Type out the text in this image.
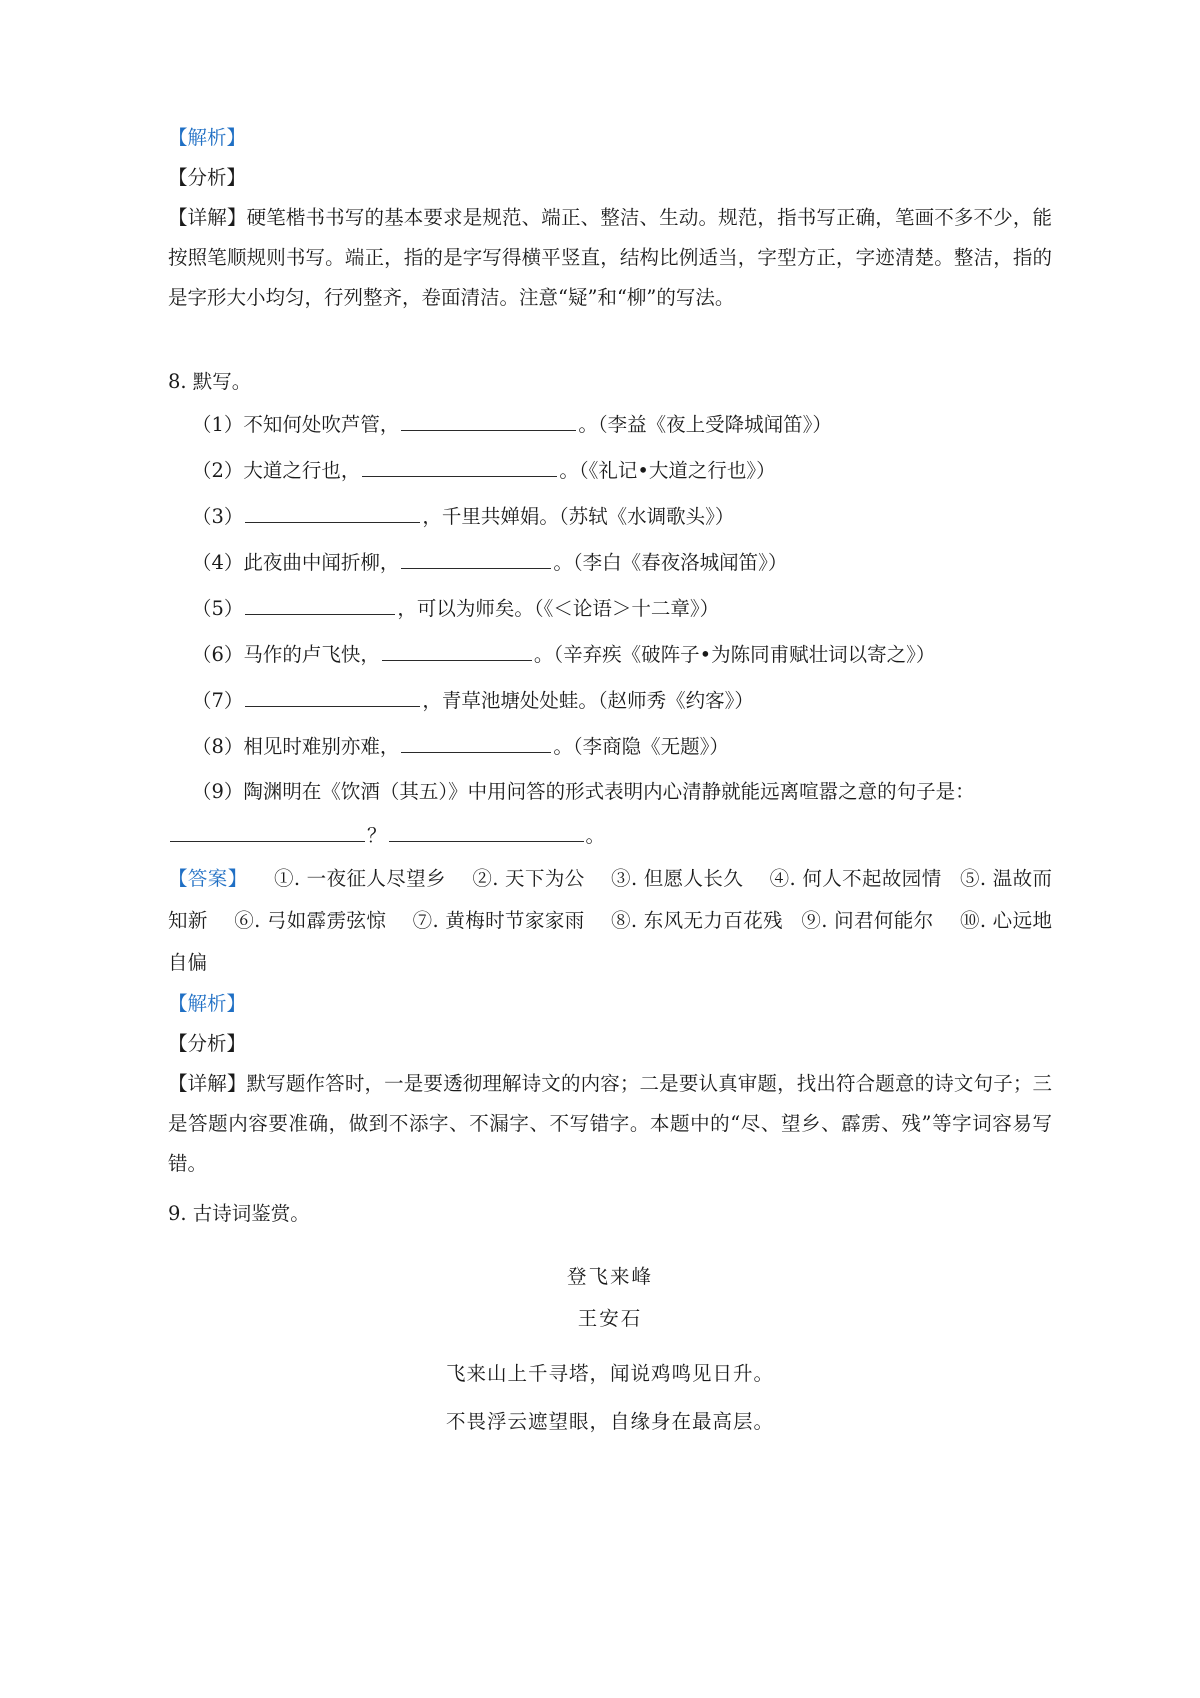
【解析】

【分析】

【详解】硬笔楷书书写的基本要求是规范、端正、整洁、生动。规范，指书写正确，笔画不多不少，能按照笔顺规则书写。端正，指的是字写得横平竖直，结构比例适当，字型方正，字迹清楚。整洁，指的是字形大小均匀，行列整齐，卷面清洁。注意“疑”和“柳”的写法。

8. 默写。

（1）不知何处吹芦管，	。（李益《夜上受降城闻笛》）

（2）大道之行也，	。（《礼记•大道之行也》）

（3）	，千里共婵娟。（苏轼《水调歌头》）

（4）此夜曲中闻折柳，	。（李白《春夜洛城闻笛》）

（5）	，可以为师矣。（《＜论语＞十二章》）

（6）马作的卢飞快，	。（辛弃疾《破阵子•为陈同甫赋壮词以寄之》）

（7）	，青草池塘处处蛙。（赵师秀《约客》）

（8）相见时难别亦难，	。（李商隐《无题》）

（9）陶渊明在《饮酒（其五）》中用问答的形式表明内心清静就能远离喧嚣之意的句子是：

？	。

【答案】 ①. 一夜征人尽望乡 ②. 天下为公 ③. 但愿人长久 ④. 何人不起故园情 ⑤. 温故而知新 ⑥. 弓如霹雳弦惊 ⑦. 黄梅时节家家雨 ⑧. 东风无力百花残 ⑨. 问君何能尔 ⑩. 心远地自偏

【解析】

【分析】

【详解】默写题作答时，一是要透彻理解诗文的内容；二是要认真审题，找出符合题意的诗文句子；三是答题内容要准确，做到不添字、不漏字、不写错字。本题中的“尽、望乡、霹雳、残”等字词容易写错。

9. 古诗词鉴赏。

登飞来峰

王安石

飞来山上千寻塔，闻说鸡鸣见日升。

不畏浮云遮望眼，自缘身在最高层。
